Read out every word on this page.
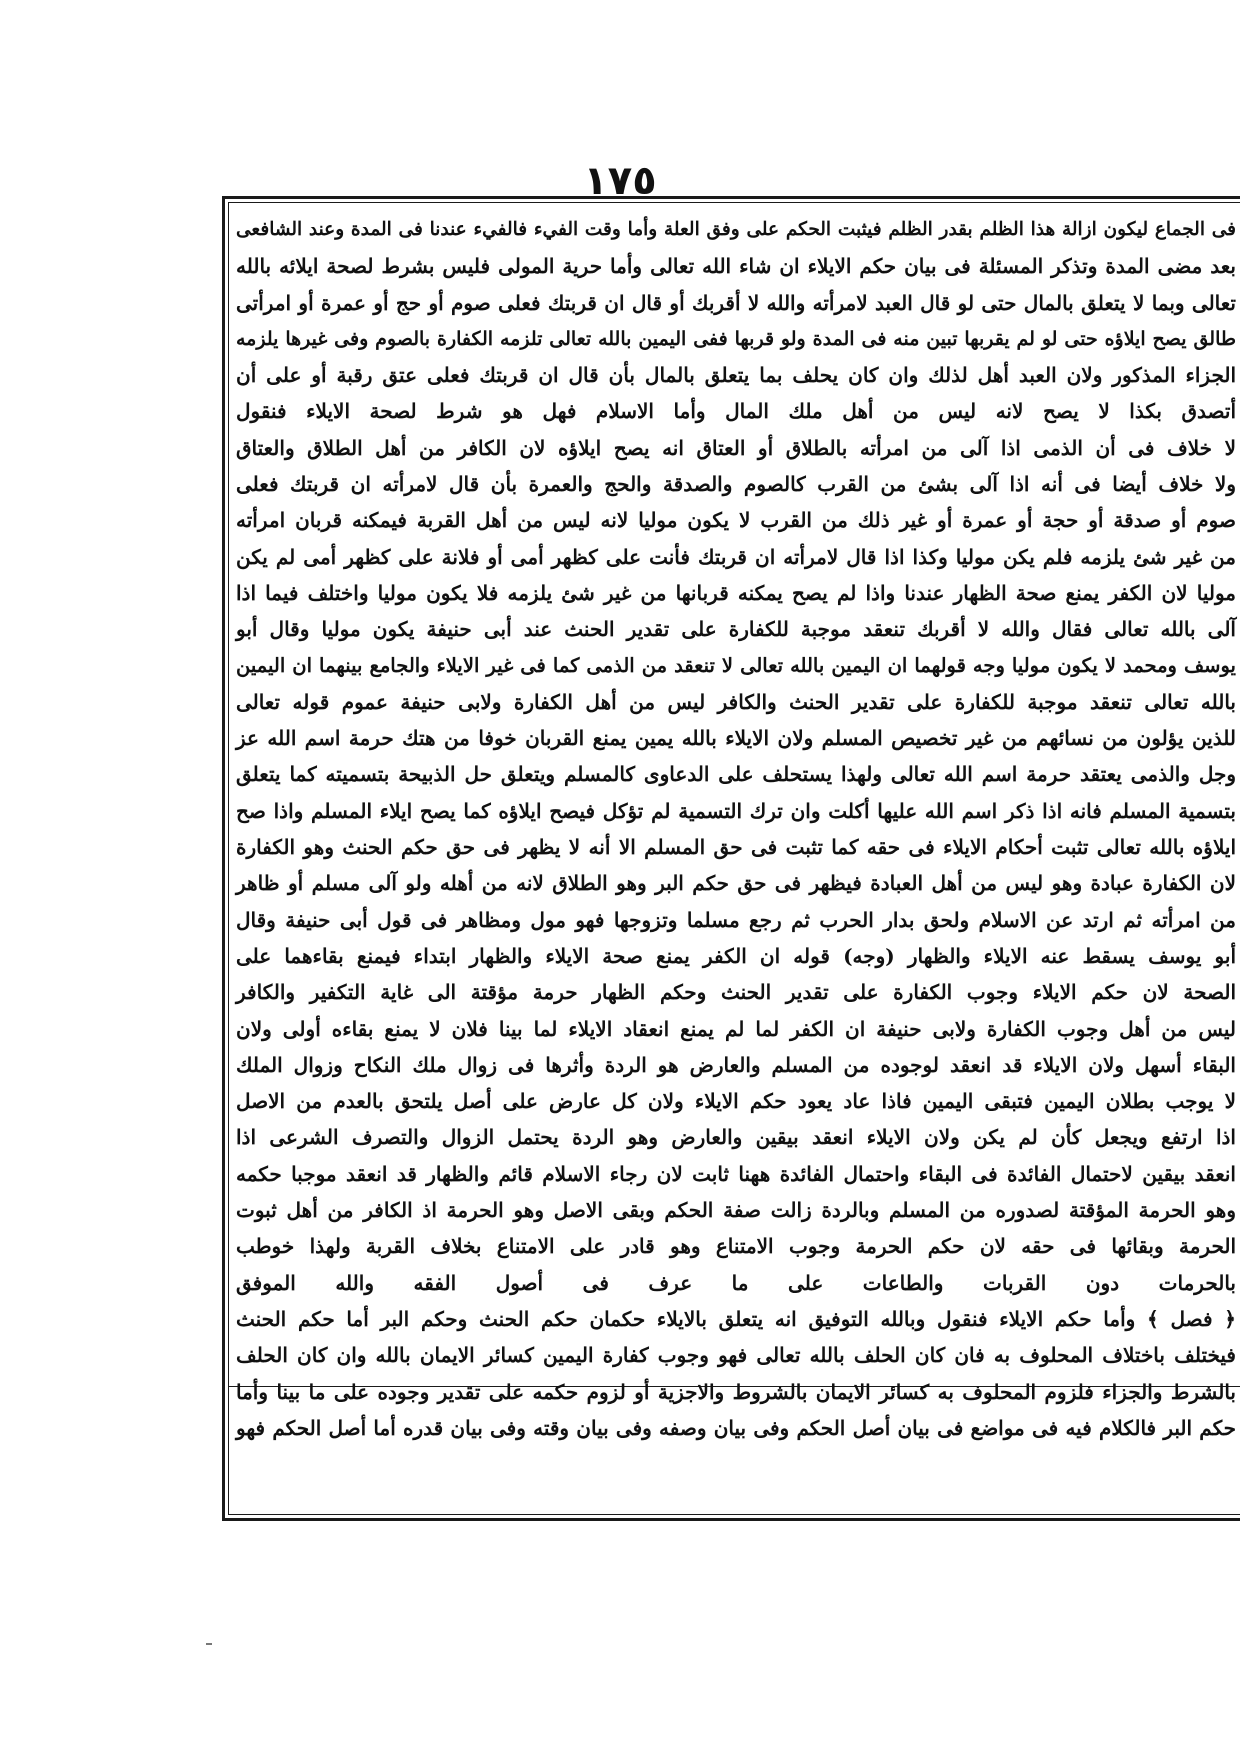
١٧٥
فى الجماع ليكون ازالة هذا الظلم بقدر الظلم فيثبت الحكم على وفق العلة وأما وقت الفيء فالفيء عندنا فى المدة وعند الشافعى
بعد مضى المدة وتذكر المسئلة فى بيان حكم الايلاء ان شاء الله تعالى وأما حرية المولى فليس بشرط لصحة ايلائه بالله
تعالى وبما لا يتعلق بالمال حتى لو قال العبد لامرأته والله لا أقربك أو قال ان قربتك فعلى صوم أو حج أو عمرة أو امرأتى
طالق يصح ايلاؤه حتى لو لم يقربها تبين منه فى المدة ولو قربها ففى اليمين بالله تعالى تلزمه الكفارة بالصوم وفى غيرها يلزمه
الجزاء المذكور ولان العبد أهل لذلك وان كان يحلف بما يتعلق بالمال بأن قال ان قربتك فعلى عتق رقبة أو على أن
أتصدق بكذا لا يصح لانه ليس من أهل ملك المال وأما الاسلام فهل هو شرط لصحة الايلاء فنقول
لا خلاف فى أن الذمى اذا آلى من امرأته بالطلاق أو العتاق انه يصح ايلاؤه لان الكافر من أهل الطلاق والعتاق
ولا خلاف أيضا فى أنه اذا آلى بشئ من القرب كالصوم والصدقة والحج والعمرة بأن قال لامرأته ان قربتك فعلى
صوم أو صدقة أو حجة أو عمرة أو غير ذلك من القرب لا يكون موليا لانه ليس من أهل القربة فيمكنه قربان امرأته
من غير شئ يلزمه فلم يكن موليا وكذا اذا قال لامرأته ان قربتك فأنت على كظهر أمى أو فلانة على كظهر أمى لم يكن
موليا لان الكفر يمنع صحة الظهار عندنا واذا لم يصح يمكنه قربانها من غير شئ يلزمه فلا يكون موليا واختلف فيما اذا
آلى بالله تعالى فقال والله لا أقربك تنعقد موجبة للكفارة على تقدير الحنث عند أبى حنيفة يكون موليا وقال أبو
يوسف ومحمد لا يكون موليا وجه قولهما ان اليمين بالله تعالى لا تنعقد من الذمى كما فى غير الايلاء والجامع بينهما ان اليمين
بالله تعالى تنعقد موجبة للكفارة على تقدير الحنث والكافر ليس من أهل الكفارة ولابى حنيفة عموم قوله تعالى
للذين يؤلون من نسائهم من غير تخصيص المسلم ولان الايلاء بالله يمين يمنع القربان خوفا من هتك حرمة اسم الله عز
وجل والذمى يعتقد حرمة اسم الله تعالى ولهذا يستحلف على الدعاوى كالمسلم ويتعلق حل الذبيحة بتسميته كما يتعلق
بتسمية المسلم فانه اذا ذكر اسم الله عليها أكلت وان ترك التسمية لم تؤكل فيصح ايلاؤه كما يصح ايلاء المسلم واذا صح
ايلاؤه بالله تعالى تثبت أحكام الايلاء فى حقه كما تثبت فى حق المسلم الا أنه لا يظهر فى حق حكم الحنث وهو الكفارة
لان الكفارة عبادة وهو ليس من أهل العبادة فيظهر فى حق حكم البر وهو الطلاق لانه من أهله ولو آلى مسلم أو ظاهر
من امرأته ثم ارتد عن الاسلام ولحق بدار الحرب ثم رجع مسلما وتزوجها فهو مول ومظاهر فى قول أبى حنيفة وقال
أبو يوسف يسقط عنه الايلاء والظهار (وجه) قوله ان الكفر يمنع صحة الايلاء والظهار ابتداء فيمنع بقاءهما على
الصحة لان حكم الايلاء وجوب الكفارة على تقدير الحنث وحكم الظهار حرمة مؤقتة الى غاية التكفير والكافر
ليس من أهل وجوب الكفارة ولابى حنيفة ان الكفر لما لم يمنع انعقاد الايلاء لما بينا فلان لا يمنع بقاءه أولى ولان
البقاء أسهل ولان الايلاء قد انعقد لوجوده من المسلم والعارض هو الردة وأثرها فى زوال ملك النكاح وزوال الملك
لا يوجب بطلان اليمين فتبقى اليمين فاذا عاد يعود حكم الايلاء ولان كل عارض على أصل يلتحق بالعدم من الاصل
اذا ارتفع ويجعل كأن لم يكن ولان الايلاء انعقد بيقين والعارض وهو الردة يحتمل الزوال والتصرف الشرعى اذا
انعقد بيقين لاحتمال الفائدة فى البقاء واحتمال الفائدة ههنا ثابت لان رجاء الاسلام قائم والظهار قد انعقد موجبا حكمه
وهو الحرمة المؤقتة لصدوره من المسلم وبالردة زالت صفة الحكم وبقى الاصل وهو الحرمة اذ الكافر من أهل ثبوت
الحرمة وبقائها فى حقه لان حكم الحرمة وجوب الامتناع وهو قادر على الامتناع بخلاف القربة ولهذا خوطب
بالحرمات دون القربات والطاعات على ما عرف فى أصول الفقه والله الموفق
﴿ فصل ﴾ وأما حكم الايلاء فنقول وبالله التوفيق انه يتعلق بالايلاء حكمان حكم الحنث وحكم البر أما حكم الحنث
فيختلف باختلاف المحلوف به فان كان الحلف بالله تعالى فهو وجوب كفارة اليمين كسائر الايمان بالله وان كان الحلف
بالشرط والجزاء فلزوم المحلوف به كسائر الايمان بالشروط والاجزية أو لزوم حكمه على تقدير وجوده على ما بينا وأما
حكم البر فالكلام فيه فى مواضع فى بيان أصل الحكم وفى بيان وصفه وفى بيان وقته وفى بيان قدره أما أصل الحكم فهو
